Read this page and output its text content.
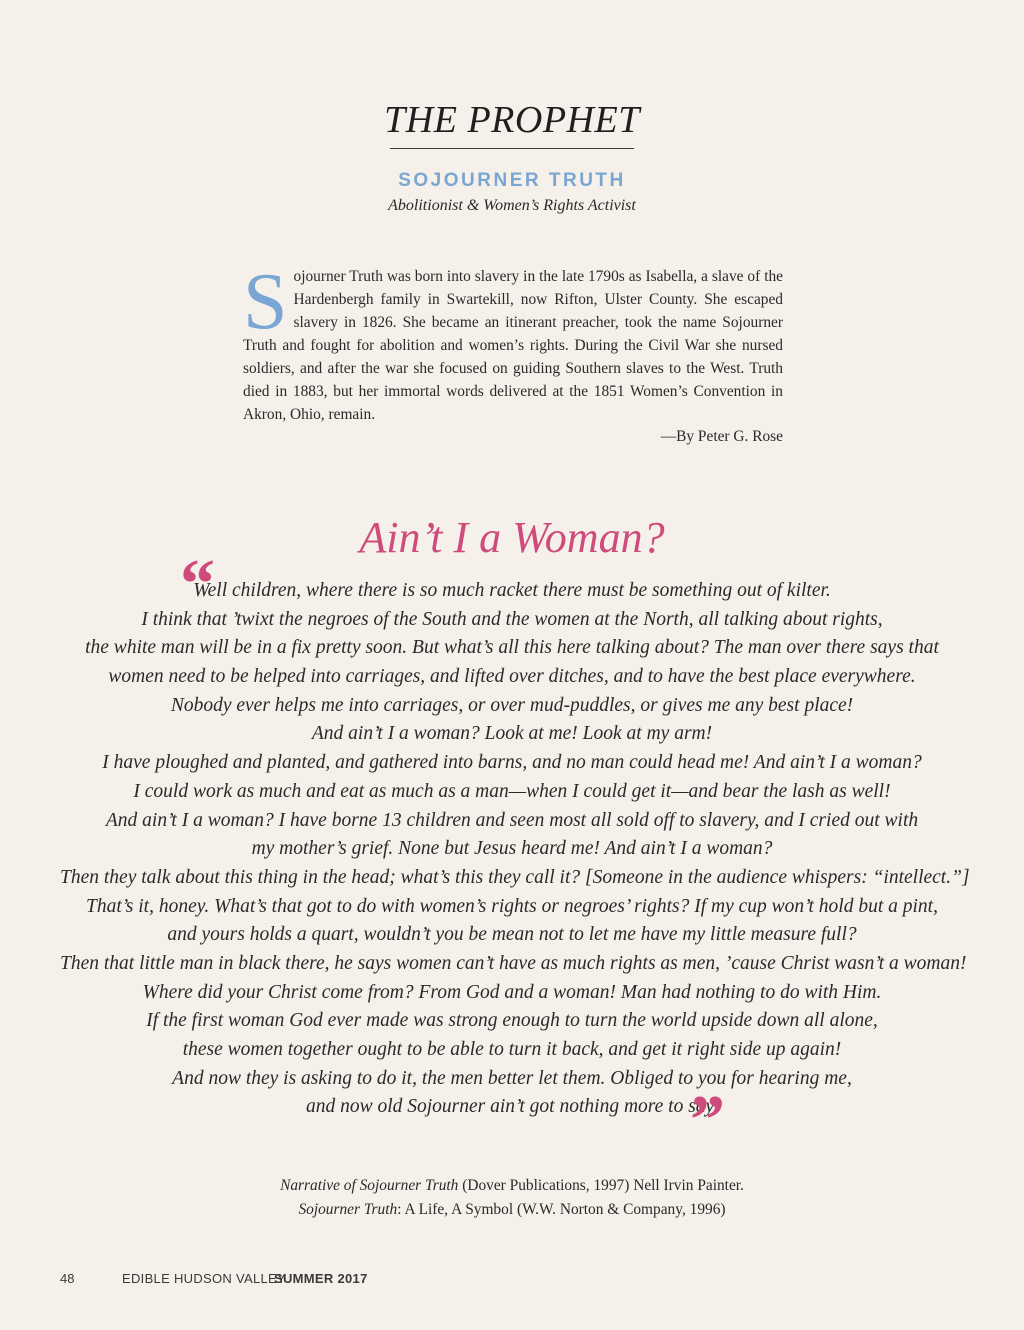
THE PROPHET
SOJOURNER TRUTH
Abolitionist & Women’s Rights Activist
Sojourner Truth was born into slavery in the late 1790s as Isabella, a slave of the Hardenbergh family in Swartekill, now Rifton, Ulster County. She escaped slavery in 1826. She became an itinerant preacher, took the name Sojourner Truth and fought for abolition and women’s rights. During the Civil War she nursed soldiers, and after the war she focused on guiding Southern slaves to the West. Truth died in 1883, but her immortal words delivered at the 1851 Women’s Convention in Akron, Ohio, remain.
—By Peter G. Rose
Ain’t I a Woman?
“
Well children, where there is so much racket there must be something out of kilter.
I think that ’twixt the negroes of the South and the women at the North, all talking about rights,
the white man will be in a fix pretty soon. But what’s all this here talking about? The man over there says that
women need to be helped into carriages, and lifted over ditches, and to have the best place everywhere.
Nobody ever helps me into carriages, or over mud-puddles, or gives me any best place!
And ain’t I a woman? Look at me! Look at my arm!
I have ploughed and planted, and gathered into barns, and no man could head me! And ain’t I a woman?
I could work as much and eat as much as a man—when I could get it—and bear the lash as well!
And ain’t I a woman? I have borne 13 children and seen most all sold off to slavery, and I cried out with
my mother’s grief. None but Jesus heard me! And ain’t I a woman?
Then they talk about this thing in the head; what’s this they call it? [Someone in the audience whispers: “intellect.”]
That’s it, honey. What’s that got to do with women’s rights or negroes’ rights? If my cup won’t hold but a pint,
and yours holds a quart, wouldn’t you be mean not to let me have my little measure full?
Then that little man in black there, he says women can’t have as much rights as men, ’cause Christ wasn’t a woman!
Where did your Christ come from? From God and a woman! Man had nothing to do with Him.
If the first woman God ever made was strong enough to turn the world upside down all alone,
these women together ought to be able to turn it back, and get it right side up again!
And now they is asking to do it, the men better let them. Obliged to you for hearing me,
and now old Sojourner ain’t got nothing more to say.
”
Narrative of Sojourner Truth (Dover Publications, 1997) Nell Irvin Painter.
Sojourner Truth: A Life, A Symbol (W.W. Norton & Company, 1996)
48	EDIBLE HUDSON VALLEY
SUMMER 2017
